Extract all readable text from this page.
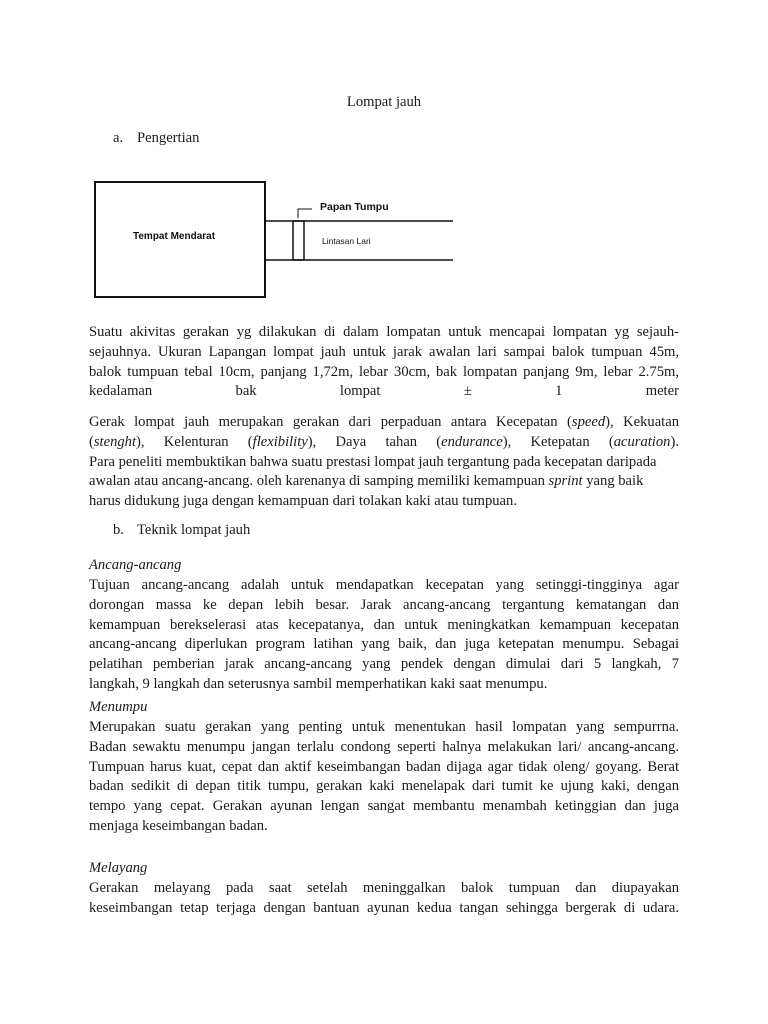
Lompat jauh
a. Pengertian
Tempat Mendarat
Papan Tumpu
Lintasan Lari
Suatu akivitas gerakan yg dilakukan di dalam lompatan untuk mencapai lompatan yg sejauh-
sejauhnya. Ukuran Lapangan lompat jauh untuk jarak awalan lari sampai balok tumpuan 45m,
balok tumpuan tebal 10cm, panjang 1,72m, lebar 30cm, bak lompatan panjang 9m, lebar 2.75m,
kedalaman	bak	lompat	±	1	meter
Gerak lompat jauh merupakan gerakan dari perpaduan antara Kecepatan (speed), Kekuatan
(stenght), Kelenturan (flexibility), Daya tahan (endurance), Ketepatan (acuration).
Para peneliti membuktikan bahwa suatu prestasi lompat jauh tergantung pada kecepatan daripada
awalan atau ancang-ancang. oleh karenanya di samping memiliki kemampuan sprint yang baik
harus didukung juga dengan kemampuan dari tolakan kaki atau tumpuan.
b. Teknik lompat jauh
Ancang-ancang
Tujuan ancang-ancang adalah untuk mendapatkan kecepatan yang setinggi-tingginya agar
dorongan massa ke depan lebih besar. Jarak ancang-ancang tergantung kematangan dan
kemampuan berekselerasi atas kecepatanya, dan untuk meningkatkan kemampuan kecepatan
ancang-ancang diperlukan program latihan yang baik, dan juga ketepatan menumpu. Sebagai
pelatihan pemberian jarak ancang-ancang yang pendek dengan dimulai dari 5 langkah, 7
langkah, 9 langkah dan seterusnya sambil memperhatikan kaki saat menumpu.
Menumpu
Merupakan suatu gerakan yang penting untuk menentukan hasil lompatan yang sempurrna.
Badan sewaktu menumpu jangan terlalu condong seperti halnya melakukan lari/ ancang-ancang.
Tumpuan harus kuat, cepat dan aktif keseimbangan badan dijaga agar tidak oleng/ goyang. Berat
badan sedikit di depan titik tumpu, gerakan kaki menelapak dari tumit ke ujung kaki, dengan
tempo yang cepat. Gerakan ayunan lengan sangat membantu menambah ketinggian dan juga
menjaga keseimbangan badan.
Melayang
Gerakan melayang pada saat setelah meninggalkan balok tumpuan dan diupayakan
keseimbangan tetap terjaga dengan bantuan ayunan kedua tangan sehingga bergerak di udara.
